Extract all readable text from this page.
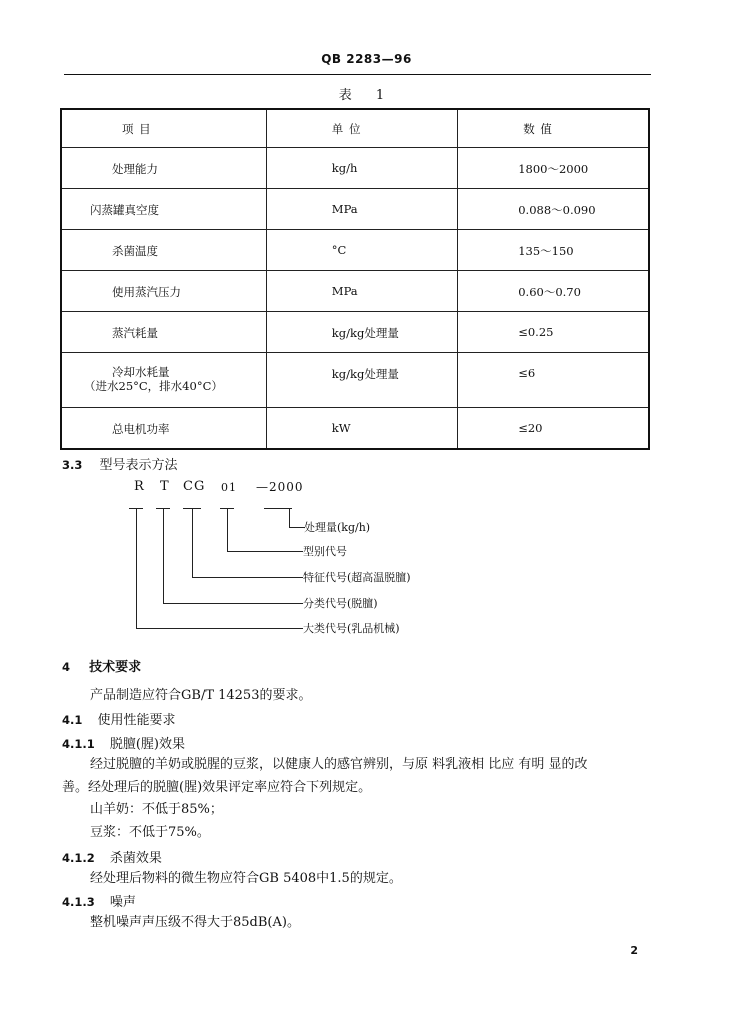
QB 2283—96
表 1
项 目	单 位	数 值

处理能力	kg/h	1800～2000

闪蒸罐真空度	MPa	0.088～0.090

杀菌温度	°C	135～150

使用蒸汽压力	MPa	0.60～0.70

蒸汽耗量	kg/kg处理量	≤0.25

冷却水耗量
（进水25°C，排水40°C）	kg/kg处理量	≤6

总电机功率	kW	≤20
3.3 型号表示方法
R T CG 01 —2000
处理量(kg/h)
型别代号
特征代号(超高温脱膻)
分类代号(脱膻)
大类代号(乳品机械)
4 技术要求
产品制造应符合GB/T 14253的要求。
4.1 使用性能要求
4.1.1 脱膻(腥)效果
经过脱膻的羊奶或脱腥的豆浆，以健康人的感官辨别，与原 料乳液相 比应 有明 显的改
善。经处理后的脱膻(腥)效果评定率应符合下列规定。
山羊奶：不低于85%；
豆浆：不低于75%。
4.1.2 杀菌效果
经处理后物料的微生物应符合GB 5408中1.5的规定。
4.1.3 噪声
整机噪声声压级不得大于85dB(A)。
2
